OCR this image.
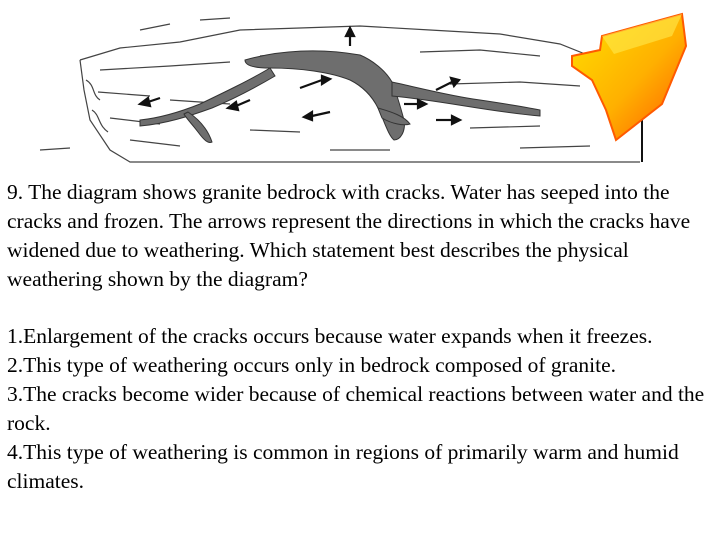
9. The diagram shows granite bedrock with cracks. Water has seeped into the cracks and frozen. The arrows represent the directions in which the cracks have widened due to weathering. Which statement best describes the physical weathering shown by the diagram?

1.Enlargement of the cracks occurs because water expands when it freezes.
2.This type of weathering occurs only in bedrock composed of granite.
3.The cracks become wider because of chemical reactions between water and the rock.
4.This type of weathering is common in regions of primarily warm and humid climates.
